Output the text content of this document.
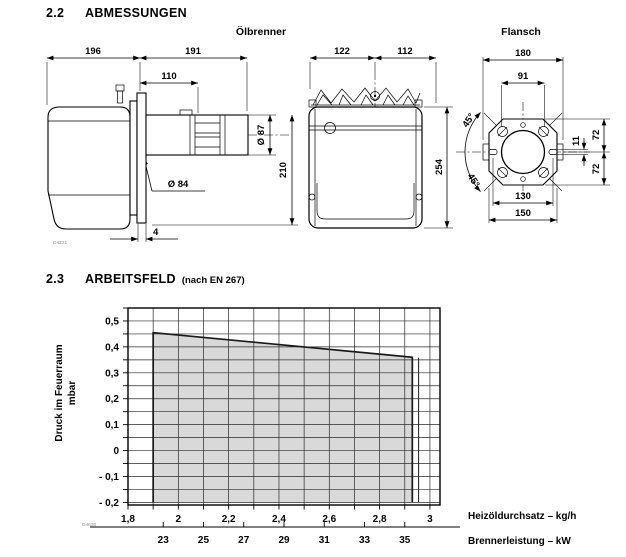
2.2 ABMESSUNGEN
Ölbrenner	Flansch
196	191
110
Ø 87
210
Ø 84
4
D4221
122	112
254
180
91
45°
45°
11
72
72
130
150
2.3 ARBEITSFELD (nach EN 267)
Druck im Feuerraum mbar
Heizöldurchsatz – kg/h
Brennerleistung – kW
D4630
0,5
0,4
0,3
0,2
0,1
0
- 0,1
- 0,2
1,8	2	2,2	2,4	2,6	2,8	3
23	25	27	29	31	33	35
